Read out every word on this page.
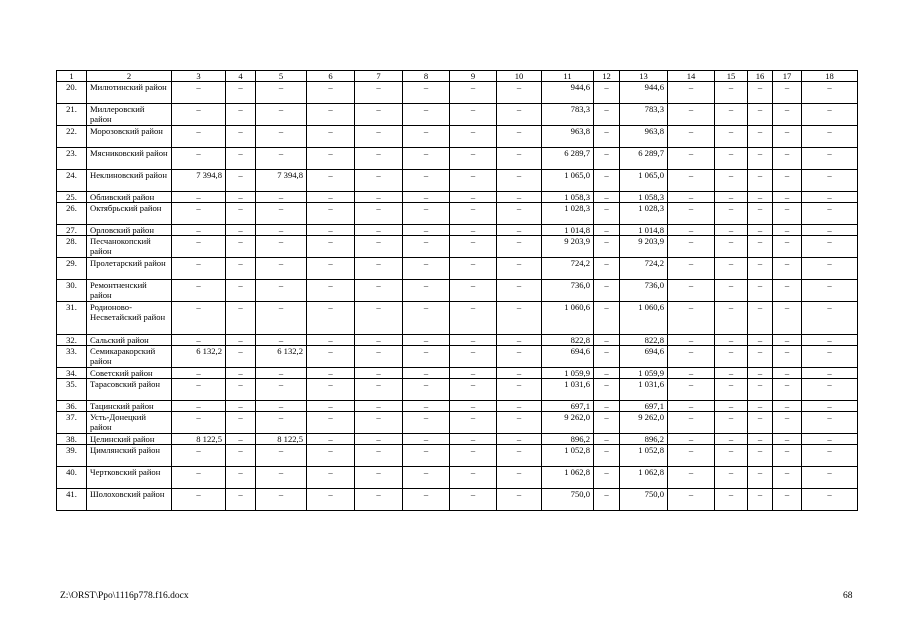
1	2	3	4	5	6	7	8	9	10	11	12	13	14	15	16	17	18
20.	Милютинский район	–	–	–	–	–	–	–	–	944,6	–	944,6	–	–	–	–	–
21.	Миллеровский район	–	–	–	–	–	–	–	–	783,3	–	783,3	–	–	–	–	–
22.	Морозовский район	–	–	–	–	–	–	–	–	963,8	–	963,8	–	–	–	–	–
23.	Мясниковский район	–	–	–	–	–	–	–	–	6 289,7	–	6 289,7	–	–	–	–	–
24.	Неклиновский район	7 394,8	–	7 394,8	–	–	–	–	–	1 065,0	–	1 065,0	–	–	–	–	–
25.	Обливский район	–	–	–	–	–	–	–	–	1 058,3	–	1 058,3	–	–	–	–	–
26.	Октябрьский район	–	–	–	–	–	–	–	–	1 028,3	–	1 028,3	–	–	–	–	–
27.	Орловский район	–	–	–	–	–	–	–	–	1 014,8	–	1 014,8	–	–	–	–	–
28.	Песчанокопский район	–	–	–	–	–	–	–	–	9 203,9	–	9 203,9	–	–	–	–	–
29.	Пролетарский район	–	–	–	–	–	–	–	–	724,2	–	724,2	–	–	–	–	–
30.	Ремонтненский район	–	–	–	–	–	–	–	–	736,0	–	736,0	–	–	–	–	–
31.	Родионово-Несветайский район	–	–	–	–	–	–	–	–	1 060,6	–	1 060,6	–	–	–	–	–
32.	Сальский район	–	–	–	–	–	–	–	–	822,8	–	822,8	–	–	–	–	–
33.	Семикаракорский район	6 132,2	–	6 132,2	–	–	–	–	–	694,6	–	694,6	–	–	–	–	–
34.	Советский район	–	–	–	–	–	–	–	–	1 059,9	–	1 059,9	–	–	–	–	–
35.	Тарасовский район	–	–	–	–	–	–	–	–	1 031,6	–	1 031,6	–	–	–	–	–
36.	Тацинский район	–	–	–	–	–	–	–	–	697,1	–	697,1	–	–	–	–	–
37.	Усть-Донецкий район	–	–	–	–	–	–	–	–	9 262,0	–	9 262,0	–	–	–	–	–
38.	Целинский район	8 122,5	–	8 122,5	–	–	–	–	–	896,2	–	896,2	–	–	–	–	–
39.	Цимлянский район	–	–	–	–	–	–	–	–	1 052,8	–	1 052,8	–	–	–	–	–
40.	Чертковский район	–	–	–	–	–	–	–	–	1 062,8	–	1 062,8	–	–	–	–	–
41.	Шолоховский район	–	–	–	–	–	–	–	–	750,0	–	750,0	–	–	–	–	–
Z:\ORST\Ppo\1116p778.f16.docx	68
